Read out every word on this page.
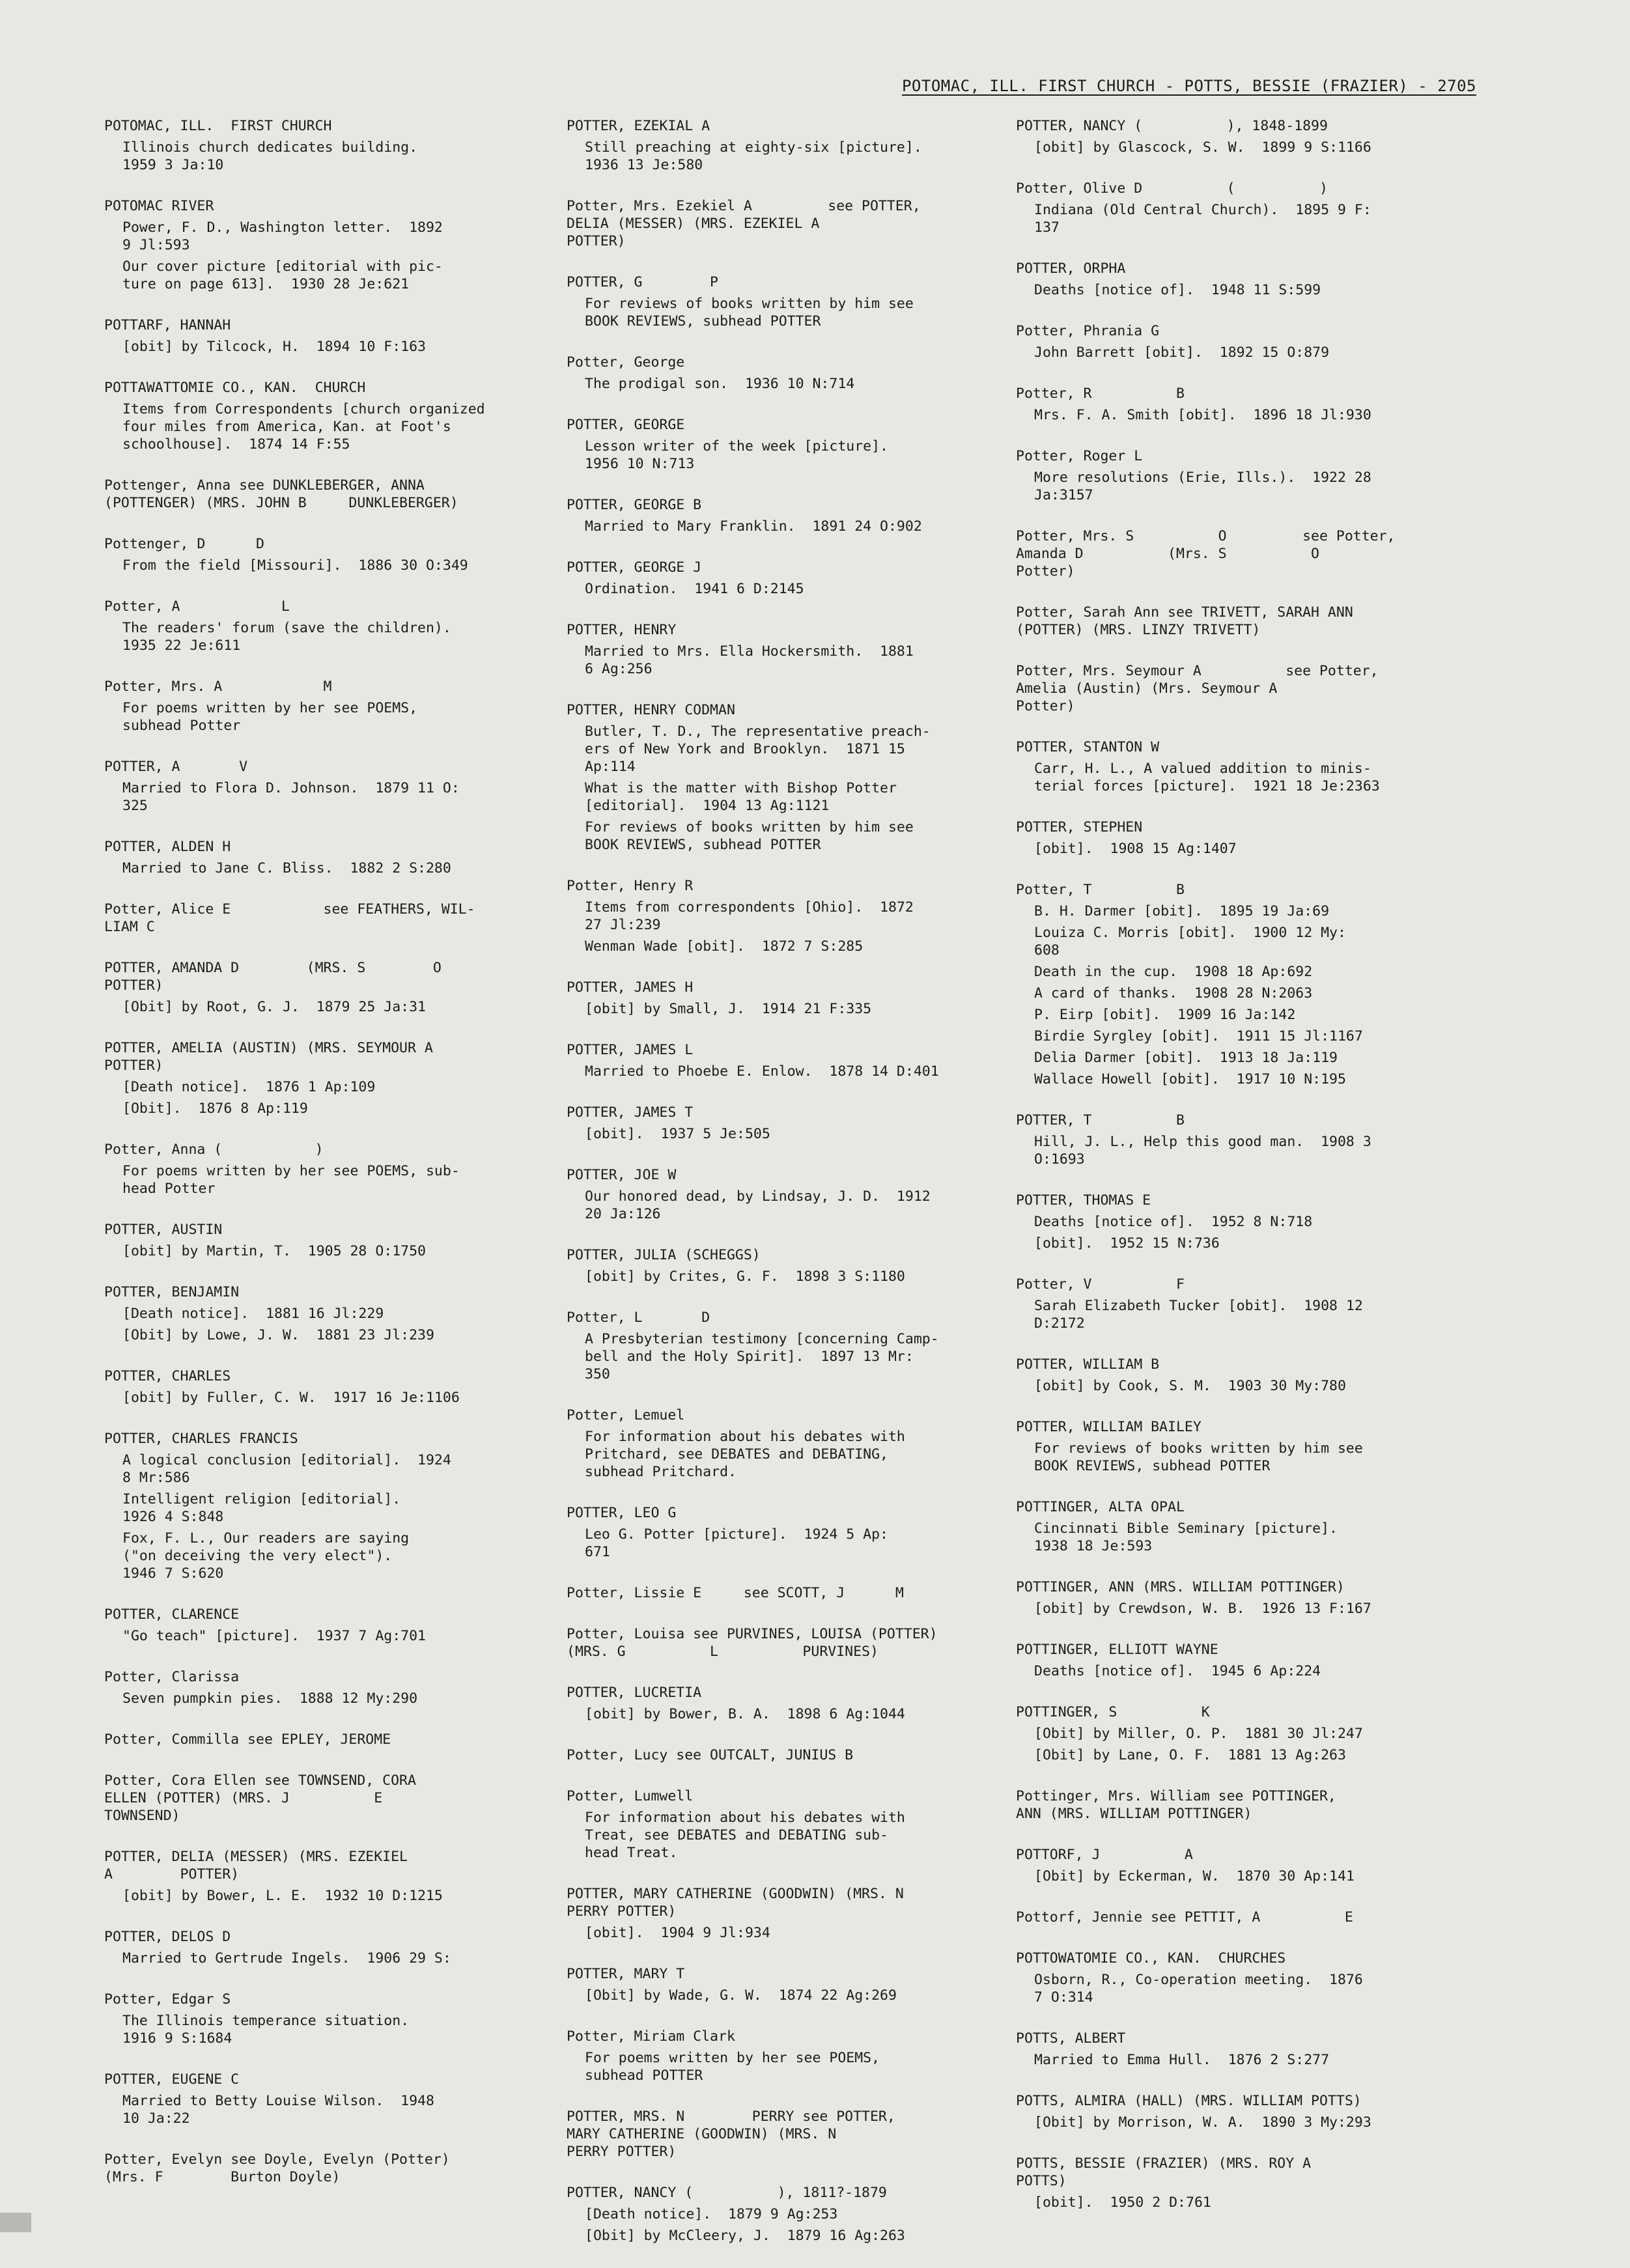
POTOMAC, ILL. FIRST CHURCH - POTTS, BESSIE (FRAZIER) - 2705
POTOMAC, ILL.  FIRST CHURCH
Illinois church dedicates building.
1959 3 Ja:10
POTOMAC RIVER
Power, F. D., Washington letter.  1892
9 Jl:593
Our cover picture [editorial with pic-
ture on page 613].  1930 28 Je:621
POTTARF, HANNAH
[obit] by Tilcock, H.  1894 10 F:163
POTTAWATTOMIE CO., KAN.  CHURCH
Items from Correspondents [church organized
four miles from America, Kan. at Foot's
schoolhouse].  1874 14 F:55
Pottenger, Anna see DUNKLEBERGER, ANNA
(POTTENGER) (MRS. JOHN B     DUNKLEBERGER)
Pottenger, D      D
From the field [Missouri].  1886 30 O:349
Potter, A            L
The readers' forum (save the children).
1935 22 Je:611
Potter, Mrs. A            M
For poems written by her see POEMS,
subhead Potter
POTTER, A       V
Married to Flora D. Johnson.  1879 11 O:
325
POTTER, ALDEN H
Married to Jane C. Bliss.  1882 2 S:280
Potter, Alice E           see FEATHERS, WIL-
LIAM C
POTTER, AMANDA D        (MRS. S        O
POTTER)
[Obit] by Root, G. J.  1879 25 Ja:31
POTTER, AMELIA (AUSTIN) (MRS. SEYMOUR A
POTTER)
[Death notice].  1876 1 Ap:109
[Obit].  1876 8 Ap:119
Potter, Anna (           )
For poems written by her see POEMS, sub-
head Potter
POTTER, AUSTIN
[obit] by Martin, T.  1905 28 O:1750
POTTER, BENJAMIN
[Death notice].  1881 16 Jl:229
[Obit] by Lowe, J. W.  1881 23 Jl:239
POTTER, CHARLES
[obit] by Fuller, C. W.  1917 16 Je:1106
POTTER, CHARLES FRANCIS
A logical conclusion [editorial].  1924
8 Mr:586
Intelligent religion [editorial].
1926 4 S:848
Fox, F. L., Our readers are saying
("on deceiving the very elect").
1946 7 S:620
POTTER, CLARENCE
"Go teach" [picture].  1937 7 Ag:701
Potter, Clarissa
Seven pumpkin pies.  1888 12 My:290
Potter, Commilla see EPLEY, JEROME
Potter, Cora Ellen see TOWNSEND, CORA
ELLEN (POTTER) (MRS. J          E
TOWNSEND)
POTTER, DELIA (MESSER) (MRS. EZEKIEL
A        POTTER)
[obit] by Bower, L. E.  1932 10 D:1215
POTTER, DELOS D
Married to Gertrude Ingels.  1906 29 S:
Potter, Edgar S
The Illinois temperance situation.
1916 9 S:1684
POTTER, EUGENE C
Married to Betty Louise Wilson.  1948
10 Ja:22
Potter, Evelyn see Doyle, Evelyn (Potter)
(Mrs. F        Burton Doyle)
POTTER, EZEKIAL A
Still preaching at eighty-six [picture].
1936 13 Je:580
Potter, Mrs. Ezekiel A         see POTTER,
DELIA (MESSER) (MRS. EZEKIEL A
POTTER)
POTTER, G        P
For reviews of books written by him see
BOOK REVIEWS, subhead POTTER
Potter, George
The prodigal son.  1936 10 N:714
POTTER, GEORGE
Lesson writer of the week [picture].
1956 10 N:713
POTTER, GEORGE B
Married to Mary Franklin.  1891 24 O:902
POTTER, GEORGE J
Ordination.  1941 6 D:2145
POTTER, HENRY
Married to Mrs. Ella Hockersmith.  1881
6 Ag:256
POTTER, HENRY CODMAN
Butler, T. D., The representative preach-
ers of New York and Brooklyn.  1871 15
Ap:114
What is the matter with Bishop Potter
[editorial].  1904 13 Ag:1121
For reviews of books written by him see
BOOK REVIEWS, subhead POTTER
Potter, Henry R
Items from correspondents [Ohio].  1872
27 Jl:239
Wenman Wade [obit].  1872 7 S:285
POTTER, JAMES H
[obit] by Small, J.  1914 21 F:335
POTTER, JAMES L
Married to Phoebe E. Enlow.  1878 14 D:401
POTTER, JAMES T
[obit].  1937 5 Je:505
POTTER, JOE W
Our honored dead, by Lindsay, J. D.  1912
20 Ja:126
POTTER, JULIA (SCHEGGS)
[obit] by Crites, G. F.  1898 3 S:1180
Potter, L       D
A Presbyterian testimony [concerning Camp-
bell and the Holy Spirit].  1897 13 Mr:
350
Potter, Lemuel
For information about his debates with
Pritchard, see DEBATES and DEBATING,
subhead Pritchard.
POTTER, LEO G
Leo G. Potter [picture].  1924 5 Ap:
671
Potter, Lissie E     see SCOTT, J      M
Potter, Louisa see PURVINES, LOUISA (POTTER)
(MRS. G          L          PURVINES)
POTTER, LUCRETIA
[obit] by Bower, B. A.  1898 6 Ag:1044
Potter, Lucy see OUTCALT, JUNIUS B
Potter, Lumwell
For information about his debates with
Treat, see DEBATES and DEBATING sub-
head Treat.
POTTER, MARY CATHERINE (GOODWIN) (MRS. N
PERRY POTTER)
[obit].  1904 9 Jl:934
POTTER, MARY T
[Obit] by Wade, G. W.  1874 22 Ag:269
Potter, Miriam Clark
For poems written by her see POEMS,
subhead POTTER
POTTER, MRS. N        PERRY see POTTER,
MARY CATHERINE (GOODWIN) (MRS. N
PERRY POTTER)
POTTER, NANCY (          ), 1811?-1879
[Death notice].  1879 9 Ag:253
[Obit] by McCleery, J.  1879 16 Ag:263
POTTER, NANCY (          ), 1848-1899
[obit] by Glascock, S. W.  1899 9 S:1166
Potter, Olive D          (          )
Indiana (Old Central Church).  1895 9 F:
137
POTTER, ORPHA
Deaths [notice of].  1948 11 S:599
Potter, Phrania G
John Barrett [obit].  1892 15 O:879
Potter, R          B
Mrs. F. A. Smith [obit].  1896 18 Jl:930
Potter, Roger L
More resolutions (Erie, Ills.).  1922 28
Ja:3157
Potter, Mrs. S          O         see Potter,
Amanda D          (Mrs. S          O
Potter)
Potter, Sarah Ann see TRIVETT, SARAH ANN
(POTTER) (MRS. LINZY TRIVETT)
Potter, Mrs. Seymour A          see Potter,
Amelia (Austin) (Mrs. Seymour A
Potter)
POTTER, STANTON W
Carr, H. L., A valued addition to minis-
terial forces [picture].  1921 18 Je:2363
POTTER, STEPHEN
[obit].  1908 15 Ag:1407
Potter, T          B
B. H. Darmer [obit].  1895 19 Ja:69
Louiza C. Morris [obit].  1900 12 My:
608
Death in the cup.  1908 18 Ap:692
A card of thanks.  1908 28 N:2063
P. Eirp [obit].  1909 16 Ja:142
Birdie Syrgley [obit].  1911 15 Jl:1167
Delia Darmer [obit].  1913 18 Ja:119
Wallace Howell [obit].  1917 10 N:195
POTTER, T          B
Hill, J. L., Help this good man.  1908 3
O:1693
POTTER, THOMAS E
Deaths [notice of].  1952 8 N:718
[obit].  1952 15 N:736
Potter, V          F
Sarah Elizabeth Tucker [obit].  1908 12
D:2172
POTTER, WILLIAM B
[obit] by Cook, S. M.  1903 30 My:780
POTTER, WILLIAM BAILEY
For reviews of books written by him see
BOOK REVIEWS, subhead POTTER
POTTINGER, ALTA OPAL
Cincinnati Bible Seminary [picture].
1938 18 Je:593
POTTINGER, ANN (MRS. WILLIAM POTTINGER)
[obit] by Crewdson, W. B.  1926 13 F:167
POTTINGER, ELLIOTT WAYNE
Deaths [notice of].  1945 6 Ap:224
POTTINGER, S          K
[Obit] by Miller, O. P.  1881 30 Jl:247
[Obit] by Lane, O. F.  1881 13 Ag:263
Pottinger, Mrs. William see POTTINGER,
ANN (MRS. WILLIAM POTTINGER)
POTTORF, J          A
[Obit] by Eckerman, W.  1870 30 Ap:141
Pottorf, Jennie see PETTIT, A          E
POTTOWATOMIE CO., KAN.  CHURCHES
Osborn, R., Co-operation meeting.  1876
7 O:314
POTTS, ALBERT
Married to Emma Hull.  1876 2 S:277
POTTS, ALMIRA (HALL) (MRS. WILLIAM POTTS)
[Obit] by Morrison, W. A.  1890 3 My:293
POTTS, BESSIE (FRAZIER) (MRS. ROY A
POTTS)
[obit].  1950 2 D:761
